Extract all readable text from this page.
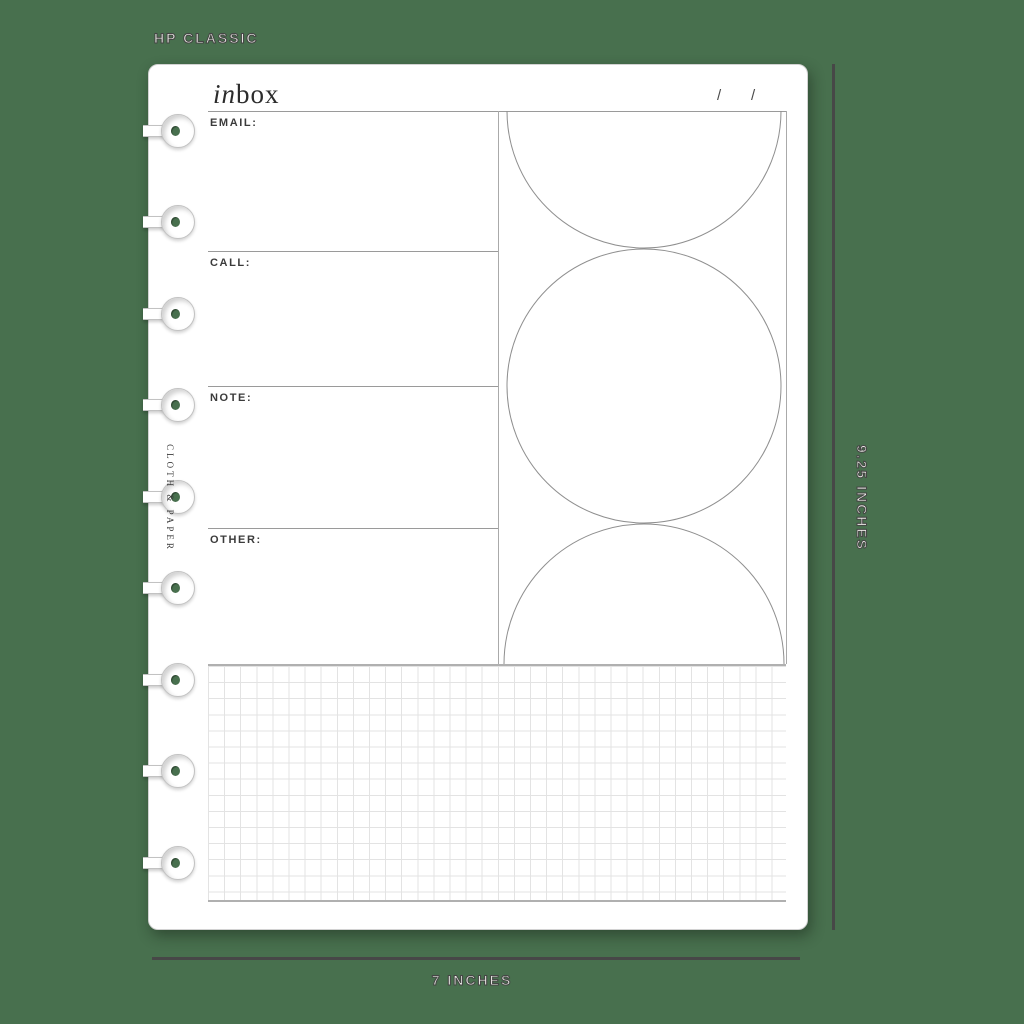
HP CLASSIC
CLOTH & PAPER
inbox	/ /
EMAIL:
CALL:
NOTE:
OTHER:	9.25 INCHES
7 INCHES
